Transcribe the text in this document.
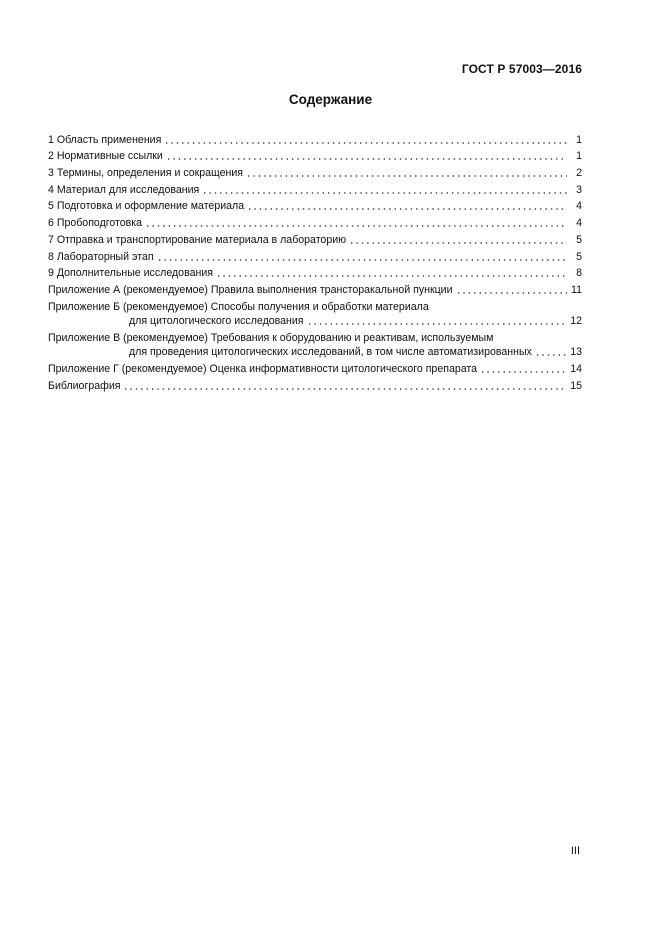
ГОСТ Р 57003—2016
Содержание
1 Область применения	1
2 Нормативные ссылки	1
3 Термины, определения и сокращения	2
4 Материал для исследования	3
5 Подготовка и оформление материала	4
6 Пробоподготовка	4
7 Отправка и транспортирование материала в лабораторию	5
8 Лабораторный этап	5
9 Дополнительные исследования	8
Приложение А (рекомендуемое) Правила выполнения трансторакальной пункции	11
Приложение Б (рекомендуемое) Способы получения и обработки материала
для цитологического исследования	12
Приложение В (рекомендуемое) Требования к оборудованию и реактивам, используемым
для проведения цитологических исследований, в том числе автоматизированных	13
Приложение Г (рекомендуемое) Оценка информативности цитологического препарата	14
Библиография	15
III
